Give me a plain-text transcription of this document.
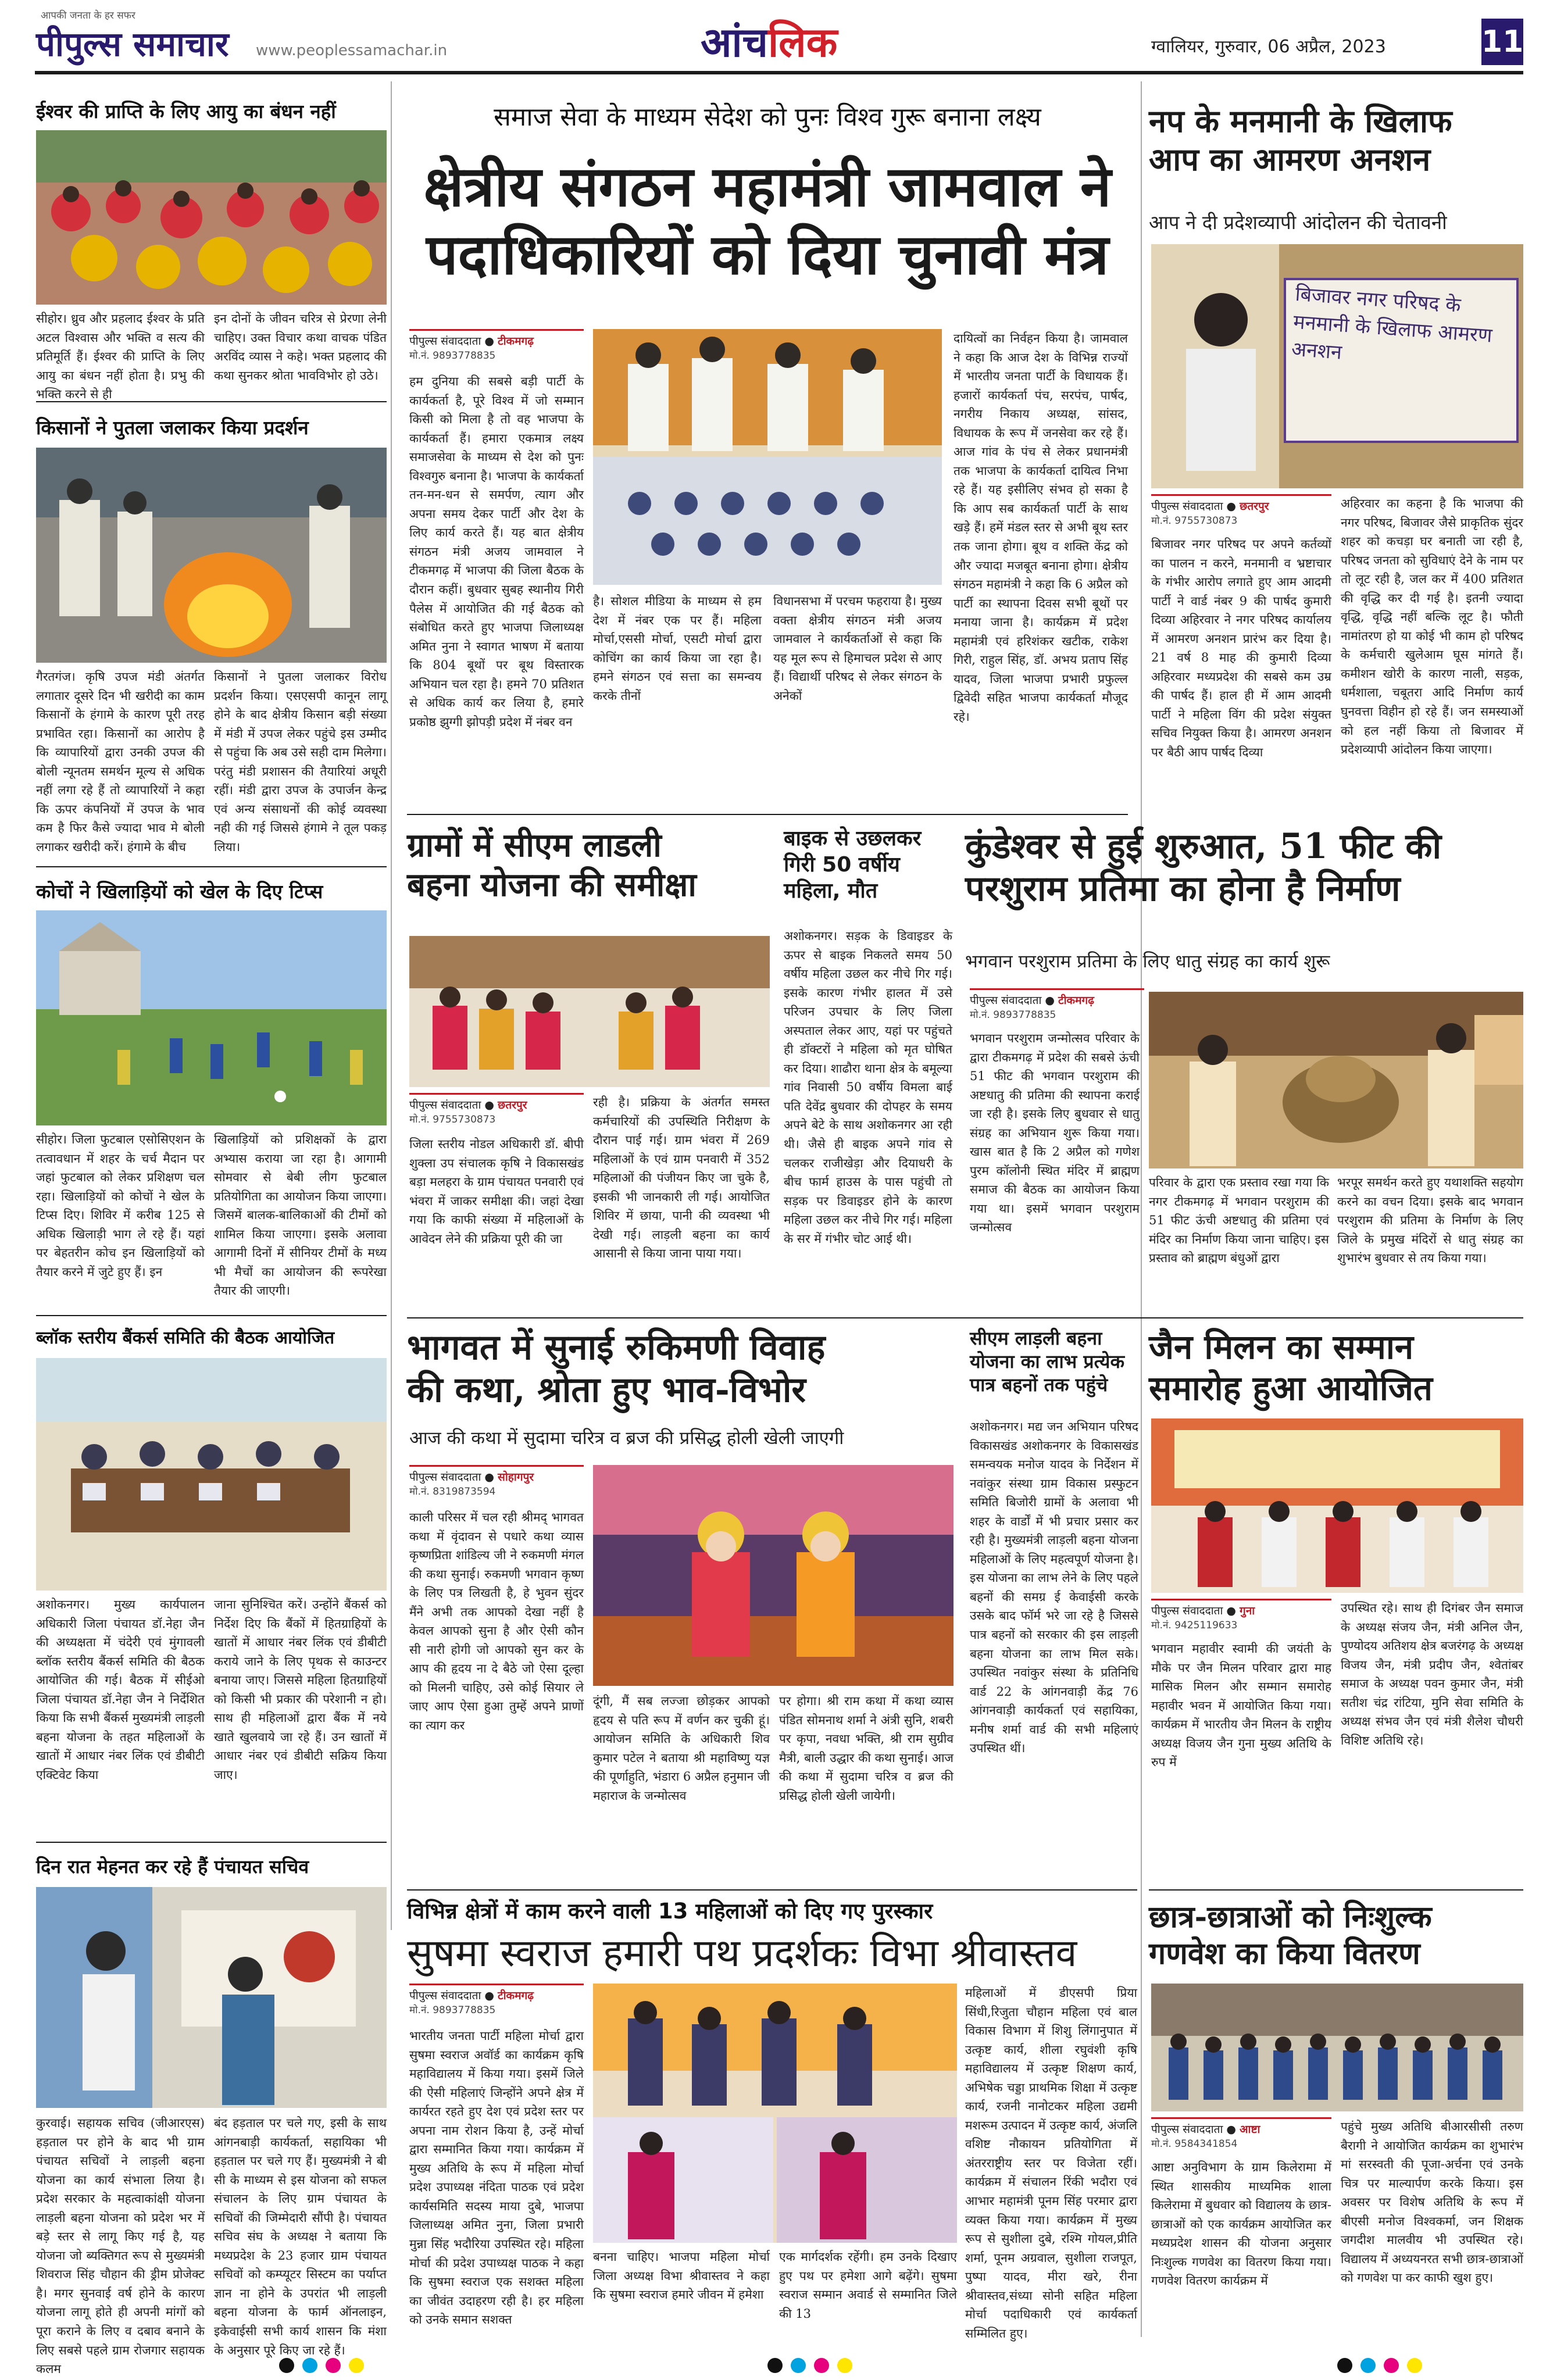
आपकी जनता के हर सफर
पीपुल्स समाचार www.peoplessamachar.in	आंचलिक	ग्वालियर, गुरुवार, 06 अप्रैल, 2023	11
ईश्वर की प्राप्ति के लिए आयु का बंधन नहीं
सीहोर। ध्रुव और प्रहलाद ईश्वर के प्रति अटल विश्वास और भक्ति व सत्य की प्रतिमूर्ति हैं। ईश्वर की प्राप्ति के लिए आयु का बंधन नहीं होता है। प्रभु की भक्ति करने से ही
इन दोनों के जीवन चरित्र से प्रेरणा लेनी चाहिए। उक्त विचार कथा वाचक पंडित अरविंद व्यास ने कहे। भक्त प्रहलाद की कथा सुनकर श्रोता भावविभोर हो उठे।
किसानों ने पुतला जलाकर किया प्रदर्शन
गैरतगंज। कृषि उपज मंडी अंतर्गत लगातार दूसरे दिन भी खरीदी का काम किसानों के हंगामे के कारण पूरी तरह प्रभावित रहा। किसानों का आरोप है कि व्यापारियों द्वारा उनकी उपज की बोली न्यूनतम समर्थन मूल्य से अधिक नहीं लगा रहे हैं तो व्यापारियों ने कहा कि ऊपर कंपनियों में उपज के भाव कम है फिर कैसे ज्यादा भाव मे बोली लगाकर खरीदी करें। हंगामे के बीच
किसानों ने पुतला जलाकर विरोध प्रदर्शन किया। एसएसपी कानून लागू होने के बाद क्षेत्रीय किसान बड़ी संख्या में मंडी में उपज लेकर पहुंचे इस उम्मीद से पहुंचा कि अब उसे सही दाम मिलेगा। परंतु मंडी प्रशासन की तैयारियां अधूरी रहीं। मंडी द्वारा उपज के उपार्जन केन्द्र एवं अन्य संसाधनों की कोई व्यवस्था नही की गई जिससे हंगामे ने तूल पकड़ लिया।
कोचों ने खिलाड़ियों को खेल के दिए टिप्स
सीहोर। जिला फुटबाल एसोसिएशन के तत्वावधान में शहर के चर्च मैदान पर जहां फुटबाल को लेकर प्रशिक्षण चल रहा। खिलाड़ियों को कोचों ने खेल के टिप्स दिए। शिविर में करीब 125 से अधिक खिलाड़ी भाग ले रहे हैं। यहां पर बेहतरीन कोच इन खिलाड़ियों को तैयार करने में जुटे हुए हैं। इन
खिलाड़ियों को प्रशिक्षकों के द्वारा अभ्यास कराया जा रहा है। आगामी सोमवार से बेबी लीग फुटबाल प्रतियोगिता का आयोजन किया जाएगा। जिसमें बालक-बालिकाओं की टीमों को शामिल किया जाएगा। इसके अलावा आगामी दिनों में सीनियर टीमों के मध्य भी मैचों का आयोजन की रूपरेखा तैयार की जाएगी।
ब्लॉक स्तरीय बैंकर्स समिति की बैठक आयोजित
अशोकनगर। मुख्य कार्यपालन अधिकारी जिला पंचायत डॉ.नेहा जैन की अध्यक्षता में चंदेरी एवं मुंगावली ब्लॉक स्तरीय बैंकर्स समिति की बैठक आयोजित की गई। बैठक में सीईओ जिला पंचायत डॉ.नेहा जैन ने निर्देशित किया कि सभी बैंकर्स मुख्यमंत्री लाड़ली बहना योजना के तहत महिलाओं के खातों में आधार नंबर लिंक एवं डीबीटी एक्टिवेट किया
जाना सुनिश्चित करें। उन्होंने बैंकर्स को निर्देश दिए कि बैंकों में हितग्राहियों के खातों में आधार नंबर लिंक एवं डीबीटी कराये जाने के लिए पृथक से काउन्टर बनाया जाए। जिससे महिला हितग्राहियों को किसी भी प्रकार की परेशानी न हो। साथ ही महिलाओं द्वारा बैंक में नये खाते खुलवाये जा रहे हैं। उन खातों में आधार नंबर एवं डीबीटी सक्रिय किया जाए।
दिन रात मेहनत कर रहे हैं पंचायत सचिव
कुरवाई। सहायक सचिव (जीआरएस) हड़ताल पर होने के बाद भी ग्राम पंचायत सचिवों ने लाड़ली बहना योजना का कार्य संभाला लिया है। प्रदेश सरकार के महत्वाकांक्षी योजना लाड़ली बहना योजना को प्रदेश भर में बड़े स्तर से लागू किए गई है, यह योजना जो ब्यक्तिगत रूप से मुख्यमंत्री शिवराज सिंह चौहान की ड्रीम प्रोजेक्ट है। मगर सुनवाई वर्ष होने के कारण योजना लागू होते ही अपनी मांगों को पूरा कराने के लिए व दबाव बनाने के लिए सबसे पहले ग्राम रोजगार सहायक कलम
बंद हड़ताल पर चले गए, इसी के साथ आंगनबाड़ी कार्यकर्ता, सहायिका भी हड़ताल पर चले गए हैं। मुख्यमंत्री ने बी सी के माध्यम से इस योजना को सफल संचालन के लिए ग्राम पंचायत के सचिवों की जिम्मेदारी सौंपी है। पंचायत सचिव संघ के अध्यक्ष ने बताया कि मध्यप्रदेश के 23 हजार ग्राम पंचायत सचिवों को कम्प्यूटर सिस्टम का पर्याप्त ज्ञान ना होने के उपरांत भी लाड़ली बहना योजना के फार्म ऑनलाइन, इकेवाईसी सभी कार्य शासन कि मंशा के अनुसार पूरे किए जा रहे हैं।
समाज सेवा के माध्यम सेदेश को पुनः विश्व गुरू बनाना लक्ष्य
क्षेत्रीय संगठन महामंत्री जामवाल ने
पदाधिकारियों को दिया चुनावी मंत्र
पीपुल्स संवाददाता ● टीकमगढ़
मो.नं. 9893778835
हम दुनिया की सबसे बड़ी पार्टी के कार्यकर्ता है, पूरे विश्व में जो सम्मान किसी को मिला है तो वह भाजपा के कार्यकर्ता हैं। हमारा एकमात्र लक्ष्य समाजसेवा के माध्यम से देश को पुनः विश्वगुरु बनाना है। भाजपा के कार्यकर्ता तन-मन-धन से समर्पण, त्याग और अपना समय देकर पार्टी और देश के लिए कार्य करते हैं। यह बात क्षेत्रीय संगठन मंत्री अजय जामवाल ने टीकमगढ़ में भाजपा की जिला बैठक के दौरान कहीं। बुधवार सुबह स्थानीय गिरी पैलेस में आयोजित की गई बैठक को संबोधित करते हुए भाजपा जिलाध्यक्ष अमित नुना ने स्वागत भाषण में बताया कि 804 बूथों पर बूथ विस्तारक अभियान चल रहा है। हमने 70 प्रतिशत से अधिक कार्य कर लिया है, हमारे प्रकोष्ठ झुग्गी झोपड़ी प्रदेश में नंबर वन
है। सोशल मीडिया के माध्यम से हम देश में नंबर एक पर हैं। महिला मोर्चा,एससी मोर्चा, एसटी मोर्चा द्वारा कोचिंग का कार्य किया जा रहा है। हमने संगठन एवं सत्ता का समन्वय करके तीनों
विधानसभा में परचम फहराया है। मुख्य वक्ता क्षेत्रीय संगठन मंत्री अजय जामवाल ने कार्यकर्ताओं से कहा कि यह मूल रूप से हिमाचल प्रदेश से आए हैं। विद्यार्थी परिषद से लेकर संगठन के अनेकों
दायित्वों का निर्वहन किया है। जामवाल ने कहा कि आज देश के विभिन्न राज्यों में भारतीय जनता पार्टी के विधायक हैं। हजारों कार्यकर्ता पंच, सरपंच, पार्षद, नगरीय निकाय अध्यक्ष, सांसद, विधायक के रूप में जनसेवा कर रहे हैं। आज गांव के पंच से लेकर प्रधानमंत्री तक भाजपा के कार्यकर्ता दायित्व निभा रहे हैं। यह इसीलिए संभव हो सका है कि आप सब कार्यकर्ता पार्टी के साथ खड़े हैं। हमें मंडल स्तर से अभी बूथ स्तर तक जाना होगा। बूथ व शक्ति केंद्र को और ज्यादा मजबूत बनाना होगा। क्षेत्रीय संगठन महामंत्री ने कहा कि 6 अप्रैल को पार्टी का स्थापना दिवस सभी बूथों पर मनाया जाना है। कार्यक्रम में प्रदेश महामंत्री एवं हरिशंकर खटीक, राकेश गिरी, राहुल सिंह, डॉ. अभय प्रताप सिंह यादव, जिला भाजपा प्रभारी प्रफुल्ल द्विवेदी सहित भाजपा कार्यकर्ता मौजूद रहे।
ग्रामों में सीएम लाडली
बहना योजना की समीक्षा
पीपुल्स संवाददाता ● छतरपुर
मो.नं. 9755730873
जिला स्तरीय नोडल अधिकारी डॉ. बीपी शुक्ला उप संचालक कृषि ने विकासखंड बड़ा मलहरा के ग्राम पंचायत पनवारी एवं भंवरा में जाकर समीक्षा की। जहां देखा गया कि काफी संख्या में महिलाओं के आवेदन लेने की प्रक्रिया पूरी की जा
रही है। प्रक्रिया के अंतर्गत समस्त कर्मचारियों की उपस्थिति निरीक्षण के दौरान पाई गई। ग्राम भंवरा में 269 महिलाओं के एवं ग्राम पनवारी में 352 महिलाओं की पंजीयन किए जा चुके है, इसकी भी जानकारी ली गई। आयोजित शिविर में छाया, पानी की व्यवस्था भी देखी गई। लाड़ली बहना का कार्य आसानी से किया जाना पाया गया।
बाइक से उछलकर
गिरी 50 वर्षीय
महिला, मौत
अशोकनगर। सड़क के डिवाइडर के ऊपर से बाइक निकलते समय 50 वर्षीय महिला उछल कर नीचे गिर गई। इसके कारण गंभीर हालत में उसे परिजन उपचार के लिए जिला अस्पताल लेकर आए, यहां पर पहुंचते ही डॉक्टरों ने महिला को मृत घोषित कर दिया। शाढौरा थाना क्षेत्र के बमूल्या गांव निवासी 50 वर्षीय विमला बाई पति देवेंद्र बुधवार की दोपहर के समय अपने बेटे के साथ अशोकनगर आ रही थी। जैसे ही बाइक अपने गांव से चलकर राजीखेड़ा और दियाधरी के बीच फार्म हाउस के पास पहुंची तो सड़क पर डिवाइडर होने के कारण महिला उछल कर नीचे गिर गई। महिला के सर में गंभीर चोट आई थी।
कुंडेश्वर से हुई शुरुआत, 51 फीट की
परशुराम प्रतिमा का होना है निर्माण
भगवान परशुराम प्रतिमा के लिए धातु संग्रह का कार्य शुरू
पीपुल्स संवाददाता ● टीकमगढ़
मो.नं. 9893778835
भगवान परशुराम जन्मोत्सव परिवार के द्वारा टीकमगढ़ में प्रदेश की सबसे ऊंची 51 फीट की भगवान परशुराम की अष्टधातु की प्रतिमा की स्थापना कराई जा रही है। इसके लिए बुधवार से धातु संग्रह का अभियान शुरू किया गया। खास बात है कि 2 अप्रैल को गणेश पुरम कॉलोनी स्थित मंदिर में ब्राह्मण समाज की बैठक का आयोजन किया गया था। इसमें भगवान परशुराम जन्मोत्सव
परिवार के द्वारा एक प्रस्ताव रखा गया कि नगर टीकमगढ़ में भगवान परशुराम की 51 फीट ऊंची अष्टधातु की प्रतिमा एवं मंदिर का निर्माण किया जाना चाहिए। इस प्रस्ताव को ब्राह्मण बंधुओं द्वारा
भरपूर समर्थन करते हुए यथाशक्ति सहयोग करने का वचन दिया। इसके बाद भगवान परशुराम की प्रतिमा के निर्माण के लिए जिले के प्रमुख मंदिरों से धातु संग्रह का शुभारंभ बुधवार से तय किया गया।
भागवत में सुनाई रुकिमणी विवाह
की कथा, श्रोता हुए भाव-विभोर
आज की कथा में सुदामा चरित्र व ब्रज की प्रसिद्ध होली खेली जाएगी
पीपुल्स संवाददाता ● सोहागपुर
मो.नं. 8319873594
काली परिसर में चल रही श्रीमद् भागवत कथा में वृंदावन से पधारे कथा व्यास कृष्णप्रिता शांडिल्य जी ने रुकमणी मंगल की कथा सुनाई। रुकमणी भगवान कृष्ण के लिए पत्र लिखती है, हे भुवन सुंदर मैंने अभी तक आपको देखा नहीं है केवल आपको सुना है और ऐसी कौन सी नारी होगी जो आपको सुन कर के आप की हृदय ना दे बैठे जो ऐसा दूल्हा को मिलनी चाहिए, उसे कोई सियार ले जाए आप ऐसा हुआ तुम्हें अपने प्राणों का त्याग कर
दूंगी, मैं सब लज्जा छोड़कर आपको हृदय से पति रूप में वर्णन कर चुकी हूं। आयोजन समिति के अधिकारी शिव कुमार पटेल ने बताया श्री महाविष्णु यज्ञ की पूर्णाहुति, भंडारा 6 अप्रैल हनुमान जी महाराज के जन्मोत्सव
पर होगा। श्री राम कथा में कथा व्यास पंडित सोमनाथ शर्मा ने अंत्री सुनि, शबरी पर कृपा, नवधा भक्ति, श्री राम सुग्रीव मैत्री, बाली उद्धार की कथा सुनाई। आज की कथा में सुदामा चरित्र व ब्रज की प्रसिद्ध होली खेली जायेगी।
सीएम लाड़ली बहना
योजना का लाभ प्रत्येक
पात्र बहनों तक पहुंचे
अशोकनगर। मद्य जन अभियान परिषद विकासखंड अशोकनगर के विकासखंड समन्वयक मनोज यादव के निर्देशन में नवांकुर संस्था ग्राम विकास प्रस्फुटन समिति बिजोरी ग्रामों के अलावा भी शहर के वार्डों में भी प्रचार प्रसार कर रही है। मुख्यमंत्री लाड़ली बहना योजना महिलाओं के लिए महत्वपूर्ण योजना है। इस योजना का लाभ लेने के लिए पहले बहनों की समग्र ई केवाईसी करके उसके बाद फॉर्म भरे जा रहे है जिससे पात्र बहनों को सरकार की इस लाड़ली बहना योजना का लाभ मिल सके। उपस्थित नवांकुर संस्था के प्रतिनिधि वार्ड 22 के आंगनवाड़ी केंद्र 76 आंगनवाड़ी कार्यकर्ता एवं सहायिका, मनीष शर्मा वार्ड की सभी महिलाएं उपस्थित थीं।
विभिन्न क्षेत्रों में काम करने वाली 13 महिलाओं को दिए गए पुरस्कार
सुषमा स्वराज हमारी पथ प्रदर्शकः विभा श्रीवास्तव
पीपुल्स संवाददाता ● टीकमगढ़
मो.नं. 9893778835
भारतीय जनता पार्टी महिला मोर्चा द्वारा सुषमा स्वराज अवॉर्ड का कार्यक्रम कृषि महाविद्यालय में किया गया। इसमें जिले की ऐसी महिलाएं जिन्होंने अपने क्षेत्र में कार्यरत रहते हुए देश एवं प्रदेश स्तर पर अपना नाम रोशन किया है, उन्हें मोर्चा द्वारा सम्मानित किया गया। कार्यक्रम में मुख्य अतिथि के रूप में महिला मोर्चा प्रदेश उपाध्यक्ष नंदिता पाठक एवं प्रदेश कार्यसमिति सदस्य माया दुबे, भाजपा जिलाध्यक्ष अमित नुना, जिला प्रभारी मुन्ना सिंह भदौरिया उपस्थित रहे। महिला मोर्चा की प्रदेश उपाध्यक्ष पाठक ने कहा कि सुषमा स्वराज एक सशक्त महिला का जीवंत उदाहरण रही है। हर महिला को उनके समान सशक्त
बनना चाहिए। भाजपा महिला मोर्चा जिला अध्यक्ष विभा श्रीवास्तव ने कहा कि सुषमा स्वराज हमारे जीवन में हमेशा
एक मार्गदर्शक रहेंगी। हम उनके दिखाए हुए पथ पर हमेशा आगे बढ़ेंगे। सुषमा स्वराज सम्मान अवार्ड से सम्मानित जिले की 13
महिलाओं में डीएसपी प्रिया सिंधी,रिजुता चौहान महिला एवं बाल विकास विभाग में शिशु लिंगानुपात में उत्कृष्ट कार्य, शीला रघुवंशी कृषि महाविद्यालय में उत्कृष्ट शिक्षण कार्य, अभिषेक चड्डा प्राथमिक शिक्षा में उत्कृष्ट कार्य, रजनी नानोटकर महिला उद्यमी मशरूम उत्पादन में उत्कृष्ट कार्य, अंजलि वशिष्ट नौकायन प्रतियोगिता में अंतरराष्ट्रीय स्तर पर विजेता रहीं। कार्यक्रम में संचालन रिंकी भदौरा एवं आभार महामंत्री पूनम सिंह परमार द्वारा व्यक्त किया गया। कार्यक्रम में मुख्य रूप से सुशीला दुबे, रश्मि गोयल,प्रीति शर्मा, पूनम अग्रवाल, सुशीला राजपूत, पुष्पा यादव, मीरा खरे, रीना श्रीवास्तव,संध्या सोनी सहित महिला मोर्चा पदाधिकारी एवं कार्यकर्ता सम्मिलित हुए।
नप के मनमानी के खिलाफ
आप का आमरण अनशन
आप ने दी प्रदेशव्यापी आंदोलन की चेतावनी
बिजावर नगर परिषद के मनमानी के खिलाफ आमरण अनशन
पीपुल्स संवाददाता ● छतरपुर
मो.नं. 9755730873
बिजावर नगर परिषद पर अपने कर्तव्यों का पालन न करने, मनमानी व भ्रष्टाचार के गंभीर आरोप लगाते हुए आम आदमी पार्टी ने वार्ड नंबर 9 की पार्षद कुमारी दिव्या अहिरवार ने नगर परिषद कार्यालय में आमरण अनशन प्रारंभ कर दिया है। 21 वर्ष 8 माह की कुमारी दिव्या अहिरवार मध्यप्रदेश की सबसे कम उम्र की पार्षद हैं। हाल ही में आम आदमी पार्टी ने महिला विंग की प्रदेश संयुक्त सचिव नियुक्त किया है। आमरण अनशन पर बैठी आप पार्षद दिव्या
अहिरवार का कहना है कि भाजपा की नगर परिषद, बिजावर जैसे प्राकृतिक सुंदर शहर को कचड़ा घर बनाती जा रही है, परिषद जनता को सुविधाएं देने के नाम पर तो लूट रही है, जल कर में 400 प्रतिशत की वृद्धि कर दी गई है। इतनी ज्यादा वृद्धि, वृद्धि नहीं बल्कि लूट है। फौती नामांतरण हो या कोई भी काम हो परिषद के कर्मचारी खुलेआम घूस मांगते हैं। कमीशन खोरी के कारण नाली, सड़क, धर्मशाला, चबूतरा आदि निर्माण कार्य घुनवत्ता विहीन हो रहे हैं। जन समस्याओं को हल नहीं किया तो बिजावर में प्रदेशव्यापी आंदोलन किया जाएगा।
जैन मिलन का सम्मान
समारोह हुआ आयोजित
पीपुल्स संवाददाता ● गुना
मो.नं. 9425119633
भगवान महावीर स्वामी की जयंती के मौके पर जैन मिलन परिवार द्वारा माह मासिक मिलन और सम्मान समारोह महावीर भवन में आयोजित किया गया। कार्यक्रम में भारतीय जैन मिलन के राष्ट्रीय अध्यक्ष विजय जैन गुना मुख्य अतिथि के रुप में
उपस्थित रहे। साथ ही दिगंबर जैन समाज के अध्यक्ष संजय जैन, मंत्री अनिल जैन, पुण्योदय अतिशय क्षेत्र बजरंगढ़ के अध्यक्ष विजय जैन, मंत्री प्रदीप जैन, श्वेतांबर समाज के अध्यक्ष पवन कुमार जैन, मंत्री सतीश चंद्र रांटिया, मुनि सेवा समिति के अध्यक्ष संभव जैन एवं मंत्री शैलेश चौधरी विशिष्ट अतिथि रहे।
छात्र-छात्राओं को निःशुल्क
गणवेश का किया वितरण
पीपुल्स संवाददाता ● आष्टा
मो.नं. 9584341854
आष्टा अनुविभाग के ग्राम किलेरामा में स्थित शासकीय माध्यमिक शाला किलेरामा में बुधवार को विद्यालय के छात्र-छात्राओं को एक कार्यक्रम आयोजित कर मध्यप्रदेश शासन की योजना अनुसार निःशुल्क गणवेश का वितरण किया गया। गणवेश वितरण कार्यक्रम में
पहुंचे मुख्य अतिथि बीआरसीसी तरुण बैरागी ने आयोजित कार्यक्रम का शुभारंभ मां सरस्वती की पूजा-अर्चना एवं उनके चित्र पर माल्यार्पण करके किया। इस अवसर पर विशेष अतिथि के रूप में बीएसी मनोज विश्वकर्मा, जन शिक्षक जगदीश मालवीय भी उपस्थित रहे। विद्यालय में अध्ययनरत सभी छात्र-छात्राओं को गणवेश पा कर काफी खुश हुए।
